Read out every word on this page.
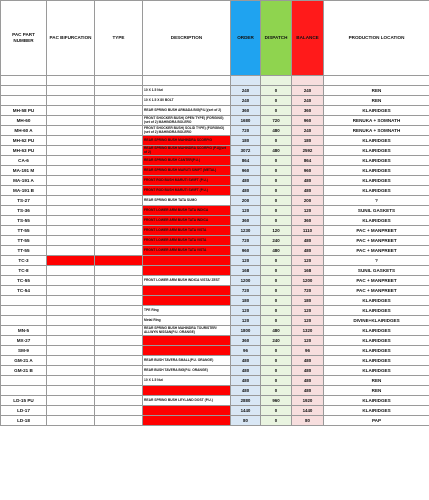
PAC PART NUMBER	PAC BIFURCATION	TYPE	DESCRIPTION	ORDER	DISPATCH	BALANCE	PRODUCTION LOCATION

			10 X 1.5 Nut	240	0	240	REN
			10 X 1.5 X 80 BOLT	240	0	240	REN
MH-58 PU			REAR SPRING BUSH ARMADA BIG(P.U.)(set of 2)	360	0	360	KLAIRIDGES
MH-60			FRONT SHOCKER BUSH( OPEN TYPE) (FORGING) (set of 2) MAHINDRA BOLERO	1680	720	960	RENUKA + SOMNATH
MH-60 A			FRONT SHOCKER BUSH( SOLID TYPE) (FORGING)(set of 2) MAHINDRA BOLERO	720	480	240	RENUKA + SOMNATH
MH-62 PU			REAR SPRING BUSH MAHINDRA SCORPIO	180	0	180	KLAIRIDGES
MH-63 PU			REAR SPRING BUSH MAHINDRA SCORPIO (P.U)(set of 2)	3072	480	2592	KLAIRIDGES
CA-6			REAR SPRING BUSH CANTER(P.U.)	864	0	864	KLAIRIDGES
MA-191 M			REAR SPRING BUSH MARUTI SWIFT (METAL)	960	0	960	KLAIRIDGES
MA-191 A			FRONT ROD BUSH MARUTI SWIFT (P.U.)	480	0	480	KLAIRIDGES
MA-191 B			FRONT ROD BUSH MARUTI SWIFT (P.U.)	480	0	480	KLAIRIDGES
TS-27			REAR SPRING BUSH TATA SUMO	200	0	200	?
TS-36			FRONT LOWER ARM BUSH TATA INDICA	120	0	120	SUNIL GASKETS
TS-55			FRONT LOWER ARM BUSH TATA INDICA	360	0	360	KLAIRIDGES
TT-55			FRONT LOWER ARM BUSH TATA VISTA	1230	120	1110	PAC + MANPREET
TT-55			FRONT LOWER ARM BUSH TATA VISTA	720	240	480	PAC + MANPREET
TT-55			FRONT LOWER ARM BUSH TATA VISTA	960	480	480	PAC + MANPREET
TC-3				120	0	120	?
TC-8				168	0	168	SUNIL GASKETS
TC-55			FRONT LOWER ARM BUSH INDICA VISTA/ ZEST	1200	0	1200	PAC + MANPREET
TC-54				720	0	720	PAC + MANPREET
				180	0	180	KLAIRIDGES
			TPE Ring	120	0	120	KLAIRIDGES
			Metal Ring	120	0	120	DIVINE+KLAIRIDGES
MN-5			REAR SPRING BUSH MAHINDRA TOURISTER/ ALLWYN NISSAN(P.U. ORANGE)	1800	480	1320	KLAIRIDGES
MX-27				360	240	120	KLAIRIDGES
SM-9				96	0	96	KLAIRIDGES
GM-21 A			REAR BUSH TAVERA SMALL(P.U. ORANGE)	480	0	480	KLAIRIDGES
GM-21 B			REAR BUSH TAVERA BIG(P.U. ORANGE)	480	0	480	KLAIRIDGES
			10 X 1.5 Nut	480	0	480	REN
				480	0	480	REN
LD-15 PU			REAR SPRING BUSH LEYLAND DOST (P.U.)	2880	960	1920	KLAIRIDGES
LD-17				1440	0	1440	KLAIRIDGES
LD-18				80	0	80	PAP
